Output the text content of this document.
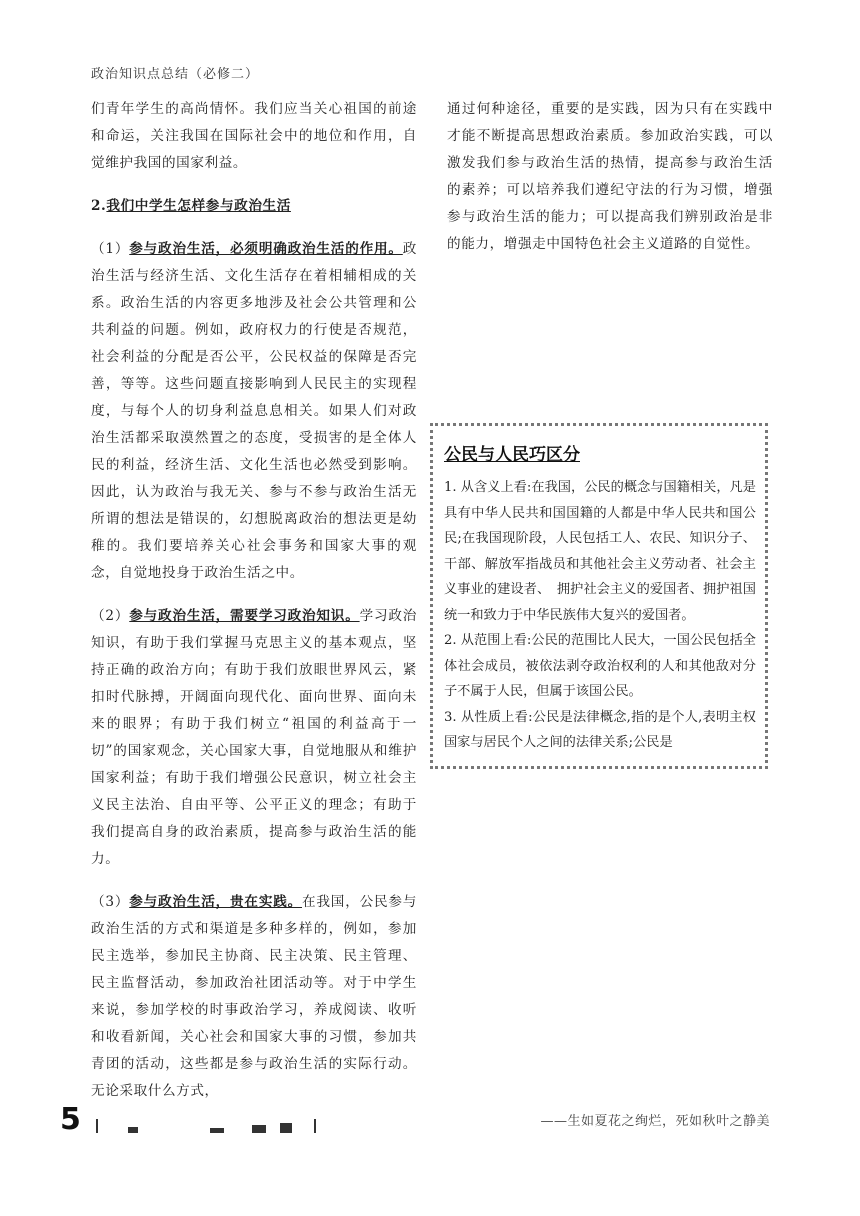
政治知识点总结（必修二）

们青年学生的高尚情怀。我们应当关心祖国的前途和命运，关注我国在国际社会中的地位和作用，自觉维护我国的国家利益。

2.我们中学生怎样参与政治生活

（1）参与政治生活，必须明确政治生活的作用。政治生活与经济生活、文化生活存在着相辅相成的关系。政治生活的内容更多地涉及社会公共管理和公共利益的问题。例如，政府权力的行使是否规范，社会利益的分配是否公平，公民权益的保障是否完善，等等。这些问题直接影响到人民民主的实现程度，与每个人的切身利益息息相关。如果人们对政治生活都采取漠然置之的态度，受损害的是全体人民的利益，经济生活、文化生活也必然受到影响。因此，认为政治与我无关、参与不参与政治生活无所谓的想法是错误的，幻想脱离政治的想法更是幼稚的。我们要培养关心社会事务和国家大事的观念，自觉地投身于政治生活之中。

（2）参与政治生活，需要学习政治知识。学习政治知识，有助于我们掌握马克思主义的基本观点，坚持正确的政治方向；有助于我们放眼世界风云，紧扣时代脉搏，开阔面向现代化、面向世界、面向未来的眼界；有助于我们树立“祖国的利益高于一切”的国家观念，关心国家大事，自觉地服从和维护国家利益；有助于我们增强公民意识，树立社会主义民主法治、自由平等、公平正义的理念；有助于我们提高自身的政治素质，提高参与政治生活的能力。

（3）参与政治生活，贵在实践。在我国，公民参与政治生活的方式和渠道是多种多样的，例如，参加民主选举，参加民主协商、民主决策、民主管理、民主监督活动，参加政治社团活动等。对于中学生来说，参加学校的时事政治学习，养成阅读、收听和收看新闻，关心社会和国家大事的习惯，参加共青团的活动，这些都是参与政治生活的实际行动。无论采取什么方式，

通过何种途径，重要的是实践，因为只有在实践中才能不断提高思想政治素质。参加政治实践，可以激发我们参与政治生活的热情，提高参与政治生活的素养；可以培养我们遵纪守法的行为习惯，增强参与政治生活的能力；可以提高我们辨别政治是非的能力，增强走中国特色社会主义道路的自觉性。

公民与人民巧区分

1. 从含义上看:在我国，公民的概念与国籍相关，凡是具有中华人民共和国国籍的人都是中华人民共和国公民;在我国现阶段，人民包括工人、农民、知识分子、干部、解放军指战员和其他社会主义劳动者、社会主义事业的建设者、　拥护社会主义的爱国者、拥护祖国统一和致力于中华民族伟大复兴的爱国者。

2. 从范围上看:公民的范围比人民大，一国公民包括全体社会成员，被依法剥夺政治权利的人和其他敌对分子不属于人民，但属于该国公民。

3. 从性质上看:公民是法律概念,指的是个人,表明主权国家与居民个人之间的法律关系;公民是

5	——生如夏花之绚烂，死如秋叶之静美
